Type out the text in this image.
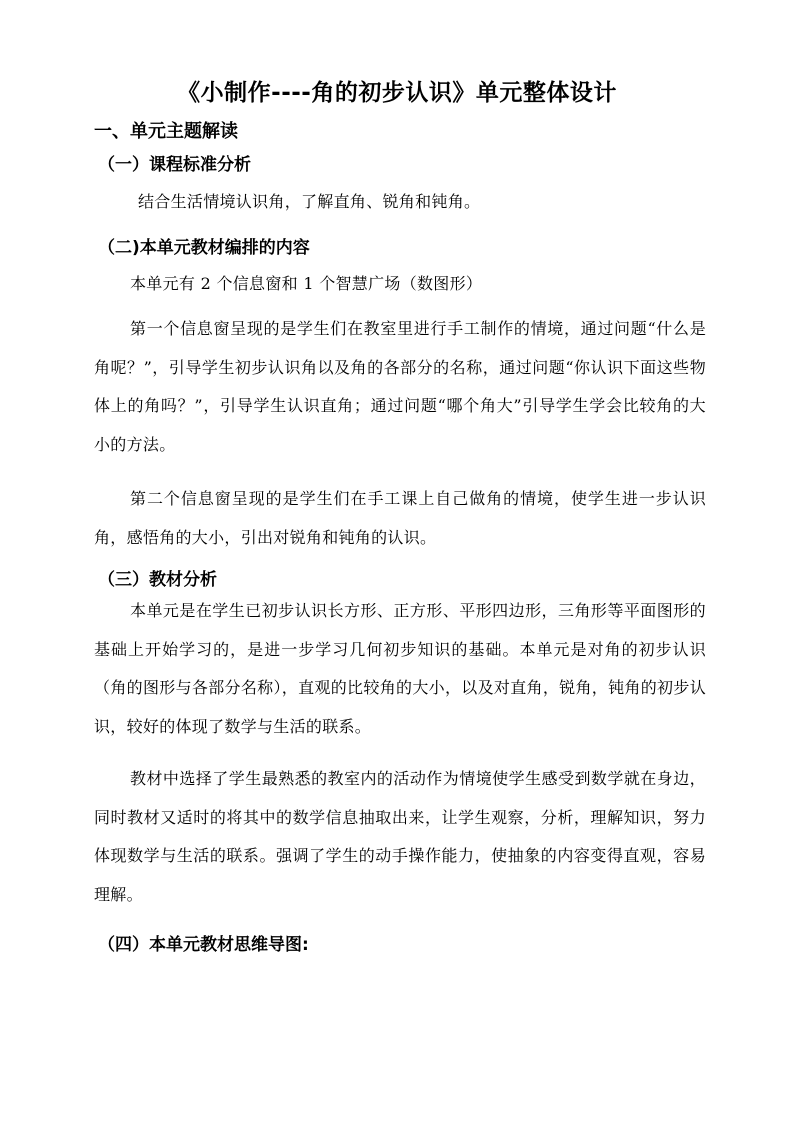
《小制作----角的初步认识》单元整体设计
一、单元主题解读
（一）课程标准分析
结合生活情境认识角，了解直角、锐角和钝角。
（二)本单元教材编排的内容
本单元有 2 个信息窗和 1 个智慧广场（数图形）
第一个信息窗呈现的是学生们在教室里进行手工制作的情境，通过问题“什么是角呢？”，引导学生初步认识角以及角的各部分的名称，通过问题“你认识下面这些物体上的角吗？”，引导学生认识直角；通过问题“哪个角大”引导学生学会比较角的大小的方法。
第二个信息窗呈现的是学生们在手工课上自己做角的情境，使学生进一步认识角，感悟角的大小，引出对锐角和钝角的认识。
（三）教材分析
本单元是在学生已初步认识长方形、正方形、平形四边形，三角形等平面图形的基础上开始学习的，是进一步学习几何初步知识的基础。本单元是对角的初步认识（角的图形与各部分名称），直观的比较角的大小，以及对直角，锐角，钝角的初步认识，较好的体现了数学与生活的联系。
教材中选择了学生最熟悉的教室内的活动作为情境使学生感受到数学就在身边，同时教材又适时的将其中的数学信息抽取出来，让学生观察，分析，理解知识，努力体现数学与生活的联系。强调了学生的动手操作能力，使抽象的内容变得直观，容易理解。
（四）本单元教材思维导图:
